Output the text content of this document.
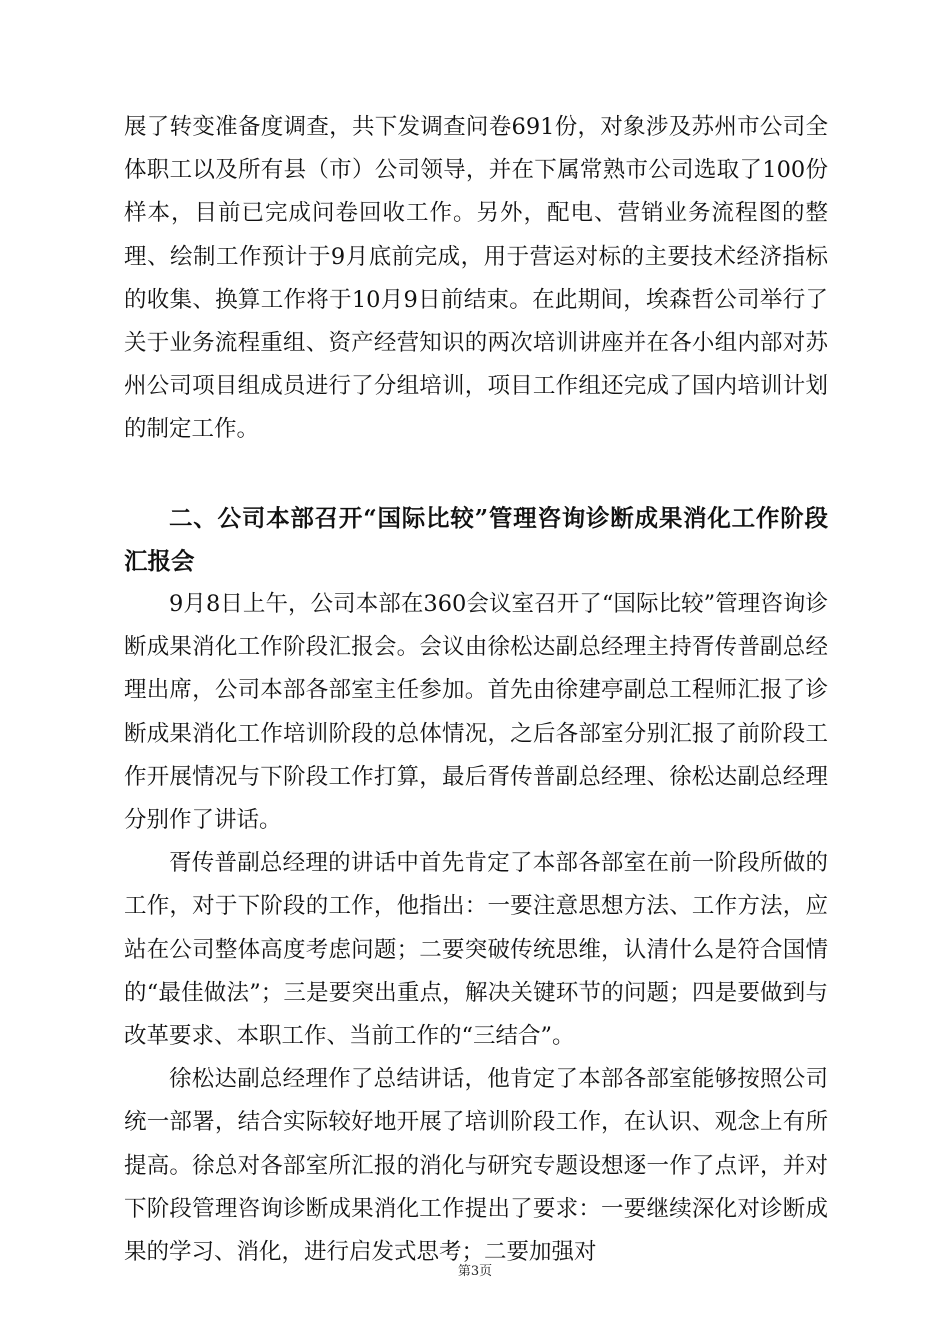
展了转变准备度调查，共下发调查问卷691份，对象涉及苏州市公司全体职工以及所有县（市）公司领导，并在下属常熟市公司选取了100份样本，目前已完成问卷回收工作。另外，配电、营销业务流程图的整理、绘制工作预计于9月底前完成，用于营运对标的主要技术经济指标的收集、换算工作将于10月9日前结束。在此期间，埃森哲公司举行了关于业务流程重组、资产经营知识的两次培训讲座并在各小组内部对苏州公司项目组成员进行了分组培训，项目工作组还完成了国内培训计划的制定工作。

二、公司本部召开“国际比较”管理咨询诊断成果消化工作阶段汇报会

9月8日上午，公司本部在360会议室召开了“国际比较”管理咨询诊断成果消化工作阶段汇报会。会议由徐松达副总经理主持胥传普副总经理出席，公司本部各部室主任参加。首先由徐建亭副总工程师汇报了诊断成果消化工作培训阶段的总体情况，之后各部室分别汇报了前阶段工作开展情况与下阶段工作打算，最后胥传普副总经理、徐松达副总经理分别作了讲话。

胥传普副总经理的讲话中首先肯定了本部各部室在前一阶段所做的工作，对于下阶段的工作，他指出：一要注意思想方法、工作方法，应站在公司整体高度考虑问题；二要突破传统思维，认清什么是符合国情的“最佳做法”；三是要突出重点，解决关键环节的问题；四是要做到与改革要求、本职工作、当前工作的“三结合”。

徐松达副总经理作了总结讲话，他肯定了本部各部室能够按照公司统一部署，结合实际较好地开展了培训阶段工作，在认识、观念上有所提高。徐总对各部室所汇报的消化与研究专题设想逐一作了点评，并对下阶段管理咨询诊断成果消化工作提出了要求：一要继续深化对诊断成果的学习、消化，进行启发式思考；二要加强对

第3页
